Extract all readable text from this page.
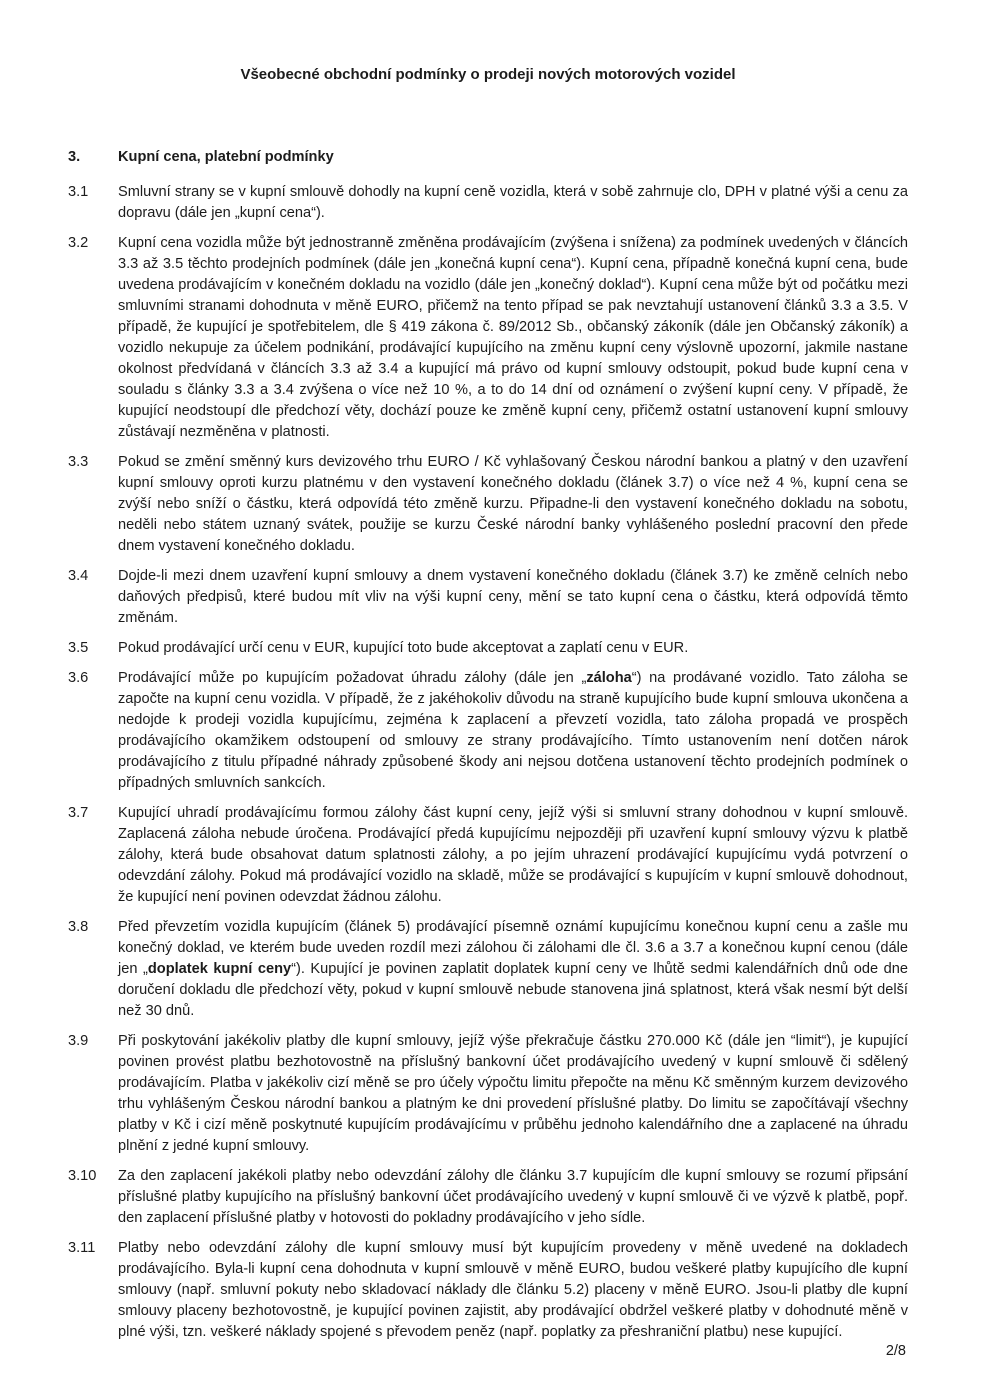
Všeobecné obchodní podmínky o prodeji nových motorových vozidel
3.	Kupní cena, platební podmínky
3.1	Smluvní strany se v kupní smlouvě dohodly na kupní ceně vozidla, která v sobě zahrnuje clo, DPH v platné výši a cenu za dopravu (dále jen „kupní cena“).
3.2	Kupní cena vozidla může být jednostranně změněna prodávajícím (zvýšena i snížena) za podmínek uvedených v článcích 3.3 až 3.5 těchto prodejních podmínek (dále jen „konečná kupní cena“). Kupní cena, případně konečná kupní cena, bude uvedena prodávajícím v konečném dokladu na vozidlo (dále jen „konečný doklad“). Kupní cena může být od počátku mezi smluvními stranami dohodnuta v měně EURO, přičemž na tento případ se pak nevztahují ustanovení článků 3.3 a 3.5. V případě, že kupující je spotřebitelem, dle § 419 zákona č. 89/2012 Sb., občanský zákoník (dále jen Občanský zákoník) a vozidlo nekupuje za účelem podnikání, prodávající kupujícího na změnu kupní ceny výslovně upozorní, jakmile nastane okolnost předvídaná v článcích 3.3 až 3.4 a kupující má právo od kupní smlouvy odstoupit, pokud bude kupní cena v souladu s články 3.3 a 3.4 zvýšena o více než 10 %, a to do 14 dní od oznámení o zvýšení kupní ceny. V případě, že kupující neodstoupí dle předchozí věty, dochází pouze ke změně kupní ceny, přičemž ostatní ustanovení kupní smlouvy zůstávají nezměněna v platnosti.
3.3	Pokud se změní směnný kurs devizového trhu EURO / Kč vyhlašovaný Českou národní bankou a platný v den uzavření kupní smlouvy oproti kurzu platnému v den vystavení konečného dokladu (článek 3.7) o více než 4 %, kupní cena se zvýší nebo sníží o částku, která odpovídá této změně kurzu. Připadne-li den vystavení konečného dokladu na sobotu, neděli nebo státem uznaný svátek, použije se kurzu České národní banky vyhlášeného poslední pracovní den přede dnem vystavení konečného dokladu.
3.4	Dojde-li mezi dnem uzavření kupní smlouvy a dnem vystavení konečného dokladu (článek 3.7) ke změně celních nebo daňových předpisů, které budou mít vliv na výši kupní ceny, mění se tato kupní cena o částku, která odpovídá těmto změnám.
3.5	Pokud prodávající určí cenu v EUR, kupující toto bude akceptovat a zaplatí cenu v EUR.
3.6	Prodávající může po kupujícím požadovat úhradu zálohy (dále jen „záloha“) na prodávané vozidlo. Tato záloha se započte na kupní cenu vozidla. V případě, že z jakéhokoliv důvodu na straně kupujícího bude kupní smlouva ukončena a nedojde k prodeji vozidla kupujícímu, zejména k zaplacení a převzetí vozidla, tato záloha propadá ve prospěch prodávajícího okamžikem odstoupení od smlouvy ze strany prodávajícího. Tímto ustanovením není dotčen nárok prodávajícího z titulu případné náhrady způsobené škody ani nejsou dotčena ustanovení těchto prodejních podmínek o případných smluvních sankcích.
3.7	Kupující uhradí prodávajícímu formou zálohy část kupní ceny, jejíž výši si smluvní strany dohodnou v kupní smlouvě. Zaplacená záloha nebude úročena. Prodávající předá kupujícímu nejpozději při uzavření kupní smlouvy výzvu k platbě zálohy, která bude obsahovat datum splatnosti zálohy, a po jejím uhrazení prodávající kupujícímu vydá potvrzení o odevzdání zálohy. Pokud má prodávající vozidlo na skladě, může se prodávající s kupujícím v kupní smlouvě dohodnout, že kupující není povinen odevzdat žádnou zálohu.
3.8	Před převzetím vozidla kupujícím (článek 5) prodávající písemně oznámí kupujícímu konečnou kupní cenu a zašle mu konečný doklad, ve kterém bude uveden rozdíl mezi zálohou či zálohami dle čl. 3.6 a 3.7 a konečnou kupní cenou (dále jen „doplatek kupní ceny“). Kupující je povinen zaplatit doplatek kupní ceny ve lhůtě sedmi kalendářních dnů ode dne doručení dokladu dle předchozí věty, pokud v kupní smlouvě nebude stanovena jiná splatnost, která však nesmí být delší než 30 dnů.
3.9	Při poskytování jakékoliv platby dle kupní smlouvy, jejíž výše překračuje částku 270.000 Kč (dále jen “limit“), je kupující povinen provést platbu bezhotovostně na příslušný bankovní účet prodávajícího uvedený v kupní smlouvě či sdělený prodávajícím. Platba v jakékoliv cizí měně se pro účely výpočtu limitu přepočte na měnu Kč směnným kurzem devizového trhu vyhlášeným Českou národní bankou a platným ke dni provedení příslušné platby. Do limitu se započítávají všechny platby v Kč i cizí měně poskytnuté kupujícím prodávajícímu v průběhu jednoho kalendářního dne a zaplacené na úhradu plnění z jedné kupní smlouvy.
3.10	Za den zaplacení jakékoli platby nebo odevzdání zálohy dle článku 3.7 kupujícím dle kupní smlouvy se rozumí připsání příslušné platby kupujícího na příslušný bankovní účet prodávajícího uvedený v kupní smlouvě či ve výzvě k platbě, popř. den zaplacení příslušné platby v hotovosti do pokladny prodávajícího v jeho sídle.
3.11	Platby nebo odevzdání zálohy dle kupní smlouvy musí být kupujícím provedeny v měně uvedené na dokladech prodávajícího. Byla-li kupní cena dohodnuta v kupní smlouvě v měně EURO, budou veškeré platby kupujícího dle kupní smlouvy (např. smluvní pokuty nebo skladovací náklady dle článku 5.2) placeny v měně EURO. Jsou-li platby dle kupní smlouvy placeny bezhotovostně, je kupující povinen zajistit, aby prodávající obdržel veškeré platby v dohodnuté měně v plné výši, tzn. veškeré náklady spojené s převodem peněz (např. poplatky za přeshraniční platbu) nese kupující.
2/8
